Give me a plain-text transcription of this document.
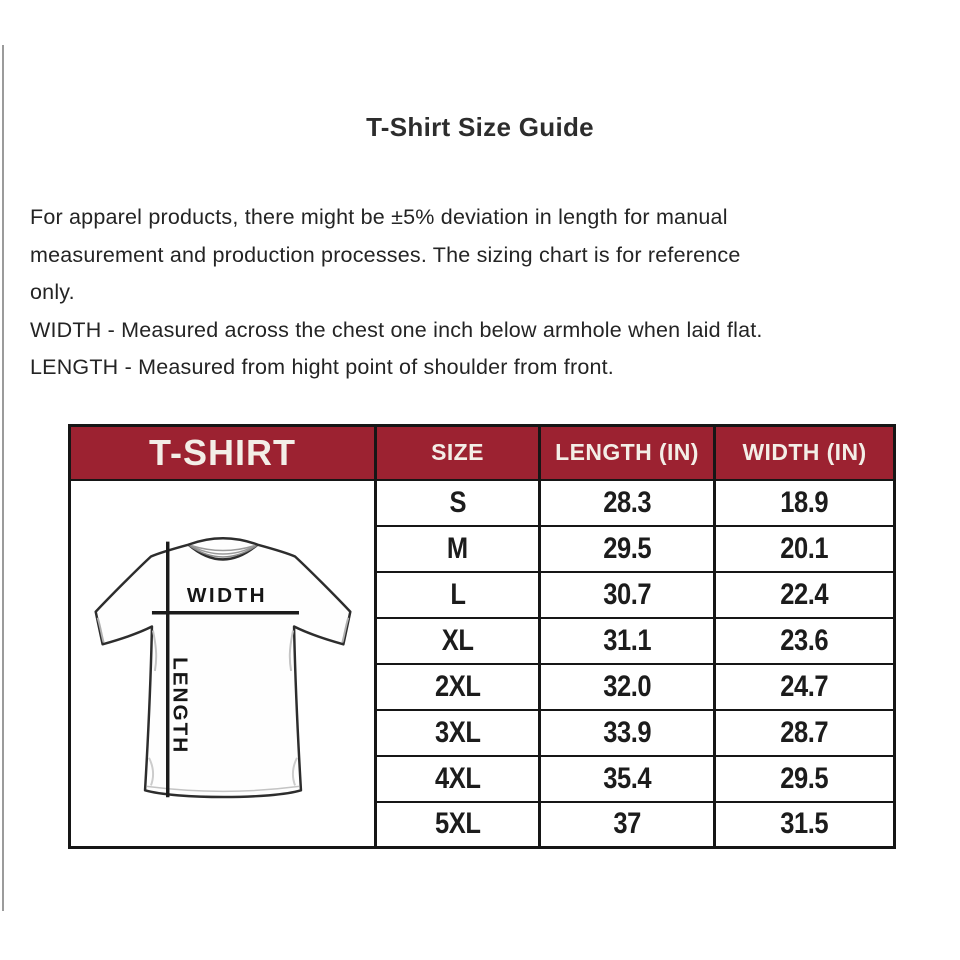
T-Shirt Size Guide
For apparel products, there might be ±5% deviation in length for manual
measurement and production processes. The sizing chart is for reference
only.
WIDTH - Measured across the chest one inch below armhole when laid flat.
LENGTH - Measured from hight point of shoulder from front.
T-SHIRT	SIZE	LENGTH (IN)	WIDTH (IN)

WIDTH
LENGTH	S	28.3	18.9
	M	29.5	20.1
	L	30.7	22.4
	XL	31.1	23.6
	2XL	32.0	24.7
	3XL	33.9	28.7
	4XL	35.4	29.5
	5XL	37	31.5
